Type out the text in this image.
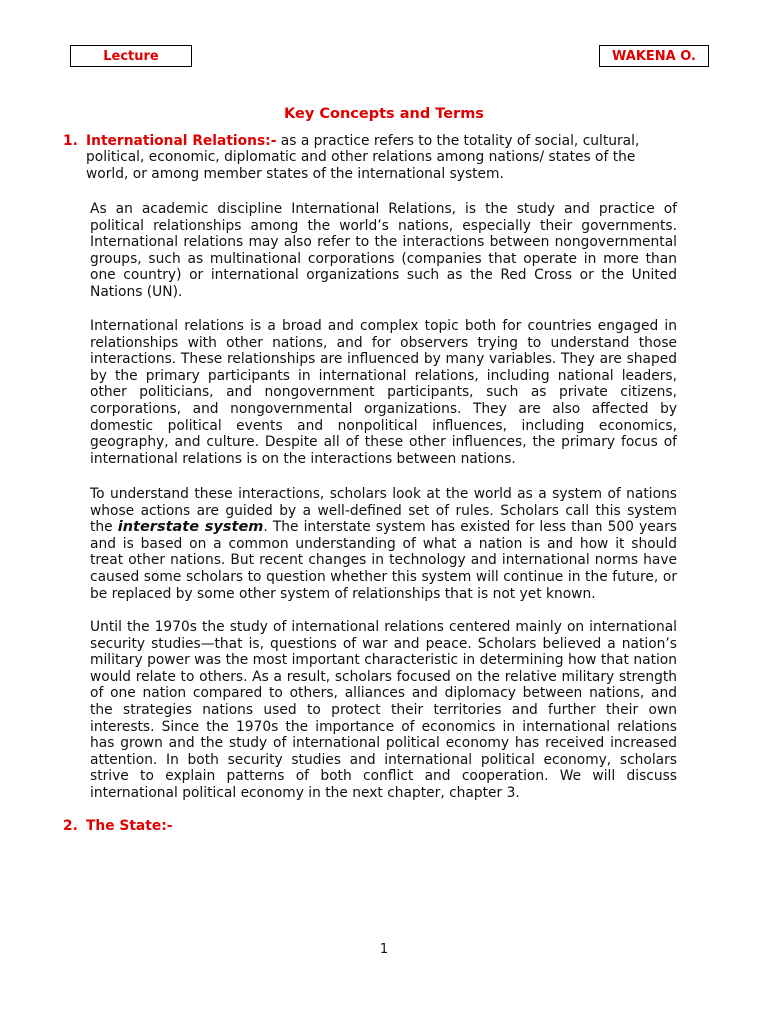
Lecture	WAKENA O.
Key Concepts and Terms
1. International Relations:- as a practice refers to the totality of social, cultural, political, economic, diplomatic and other relations among nations/ states of the world, or among member states of the international system.
As an academic discipline International Relations, is the study and practice of political relationships among the world’s nations, especially their governments. International relations may also refer to the interactions between nongovernmental groups, such as multinational corporations (companies that operate in more than one country) or international organizations such as the Red Cross or the United Nations (UN).
International relations is a broad and complex topic both for countries engaged in relationships with other nations, and for observers trying to understand those interactions. These relationships are influenced by many variables. They are shaped by the primary participants in international relations, including national leaders, other politicians, and nongovernment participants, such as private citizens, corporations, and nongovernmental organizations. They are also affected by domestic political events and nonpolitical influences, including economics, geography, and culture. Despite all of these other influences, the primary focus of international relations is on the interactions between nations.
To understand these interactions, scholars look at the world as a system of nations whose actions are guided by a well-defined set of rules. Scholars call this system the interstate system. The interstate system has existed for less than 500 years and is based on a common understanding of what a nation is and how it should treat other nations. But recent changes in technology and international norms have caused some scholars to question whether this system will continue in the future, or be replaced by some other system of relationships that is not yet known.
Until the 1970s the study of international relations centered mainly on international security studies—that is, questions of war and peace. Scholars believed a nation’s military power was the most important characteristic in determining how that nation would relate to others. As a result, scholars focused on the relative military strength of one nation compared to others, alliances and diplomacy between nations, and the strategies nations used to protect their territories and further their own interests. Since the 1970s the importance of economics in international relations has grown and the study of international political economy has received increased attention. In both security studies and international political economy, scholars strive to explain patterns of both conflict and cooperation. We will discuss international political economy in the next chapter, chapter 3.
2. The State:-
1
